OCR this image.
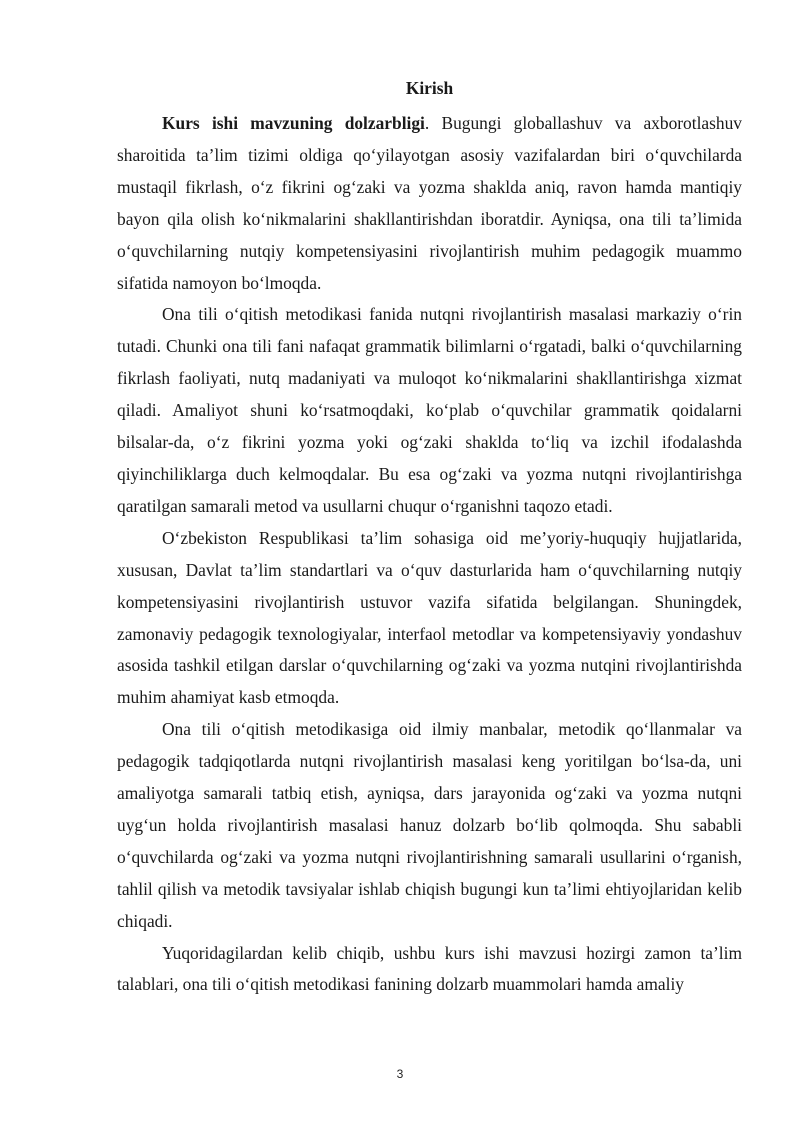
Kirish

Kurs ishi mavzuning dolzarbligi. Bugungi globallashuv va axborotlashuv sharoitida ta’lim tizimi oldiga qo‘yilayotgan asosiy vazifalardan biri o‘quvchilarda mustaqil fikrlash, o‘z fikrini og‘zaki va yozma shaklda aniq, ravon hamda mantiqiy bayon qila olish ko‘nikmalarini shakllantirishdan iboratdir. Ayniqsa, ona tili ta’limida o‘quvchilarning nutqiy kompetensiyasini rivojlantirish muhim pedagogik muammo sifatida namoyon bo‘lmoqda.

Ona tili o‘qitish metodikasi fanida nutqni rivojlantirish masalasi markaziy o‘rin tutadi. Chunki ona tili fani nafaqat grammatik bilimlarni o‘rgatadi, balki o‘quvchilarning fikrlash faoliyati, nutq madaniyati va muloqot ko‘nikmalarini shakllantirishga xizmat qiladi. Amaliyot shuni ko‘rsatmoqdaki, ko‘plab o‘quvchilar grammatik qoidalarni bilsalar-da, o‘z fikrini yozma yoki og‘zaki shaklda to‘liq va izchil ifodalashda qiyinchiliklarga duch kelmoqdalar. Bu esa og‘zaki va yozma nutqni rivojlantirishga qaratilgan samarali metod va usullarni chuqur o‘rganishni taqozo etadi.

O‘zbekiston Respublikasi ta’lim sohasiga oid me’yoriy-huquqiy hujjatlarida, xususan, Davlat ta’lim standartlari va o‘quv dasturlarida ham o‘quvchilarning nutqiy kompetensiyasini rivojlantirish ustuvor vazifa sifatida belgilangan. Shuningdek, zamonaviy pedagogik texnologiyalar, interfaol metodlar va kompetensiyaviy yondashuv asosida tashkil etilgan darslar o‘quvchilarning og‘zaki va yozma nutqini rivojlantirishda muhim ahamiyat kasb etmoqda.

Ona tili o‘qitish metodikasiga oid ilmiy manbalar, metodik qo‘llanmalar va pedagogik tadqiqotlarda nutqni rivojlantirish masalasi keng yoritilgan bo‘lsa-da, uni amaliyotga samarali tatbiq etish, ayniqsa, dars jarayonida og‘zaki va yozma nutqni uyg‘un holda rivojlantirish masalasi hanuz dolzarb bo‘lib qolmoqda. Shu sababli o‘quvchilarda og‘zaki va yozma nutqni rivojlantirishning samarali usullarini o‘rganish, tahlil qilish va metodik tavsiyalar ishlab chiqish bugungi kun ta’limi ehtiyojlaridan kelib chiqadi.

Yuqoridagilardan kelib chiqib, ushbu kurs ishi mavzusi hozirgi zamon ta’lim talablari, ona tili o‘qitish metodikasi fanining dolzarb muammolari hamda amaliy

3
